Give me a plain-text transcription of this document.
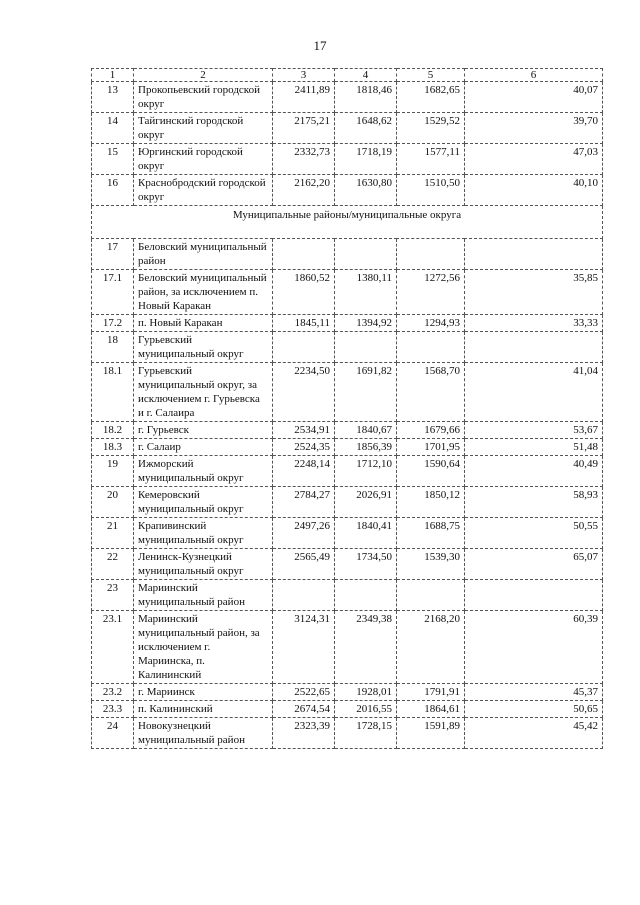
17
1	2	3	4	5	6
13	Прокопьевский городской округ	2411,89	1818,46	1682,65	40,07
14	Тайгинский городской округ	2175,21	1648,62	1529,52	39,70
15	Юргинский городской округ	2332,73	1718,19	1577,11	47,03
16	Краснобродский городской округ	2162,20	1630,80	1510,50	40,10
Муниципальные районы/муниципальные округа					
17	Беловский муниципальный район				
17.1	Беловский муниципальный район, за исключением п. Новый Каракан	1860,52	1380,11	1272,56	35,85
17.2	п. Новый Каракан	1845,11	1394,92	1294,93	33,33
18	Гурьевский муниципальный округ				
18.1	Гурьевский муниципальный округ, за исключением г. Гурьевска и г. Салаира	2234,50	1691,82	1568,70	41,04
18.2	г. Гурьевск	2534,91	1840,67	1679,66	53,67
18.3	г. Салаир	2524,35	1856,39	1701,95	51,48
19	Ижморский муниципальный округ	2248,14	1712,10	1590,64	40,49
20	Кемеровский муниципальный округ	2784,27	2026,91	1850,12	58,93
21	Крапивинский муниципальный округ	2497,26	1840,41	1688,75	50,55
22	Ленинск-Кузнецкий муниципальный округ	2565,49	1734,50	1539,30	65,07
23	Мариинский муниципальный район				
23.1	Мариинский муниципальный район, за исключением г. Мариинска, п. Калининский	3124,31	2349,38	2168,20	60,39
23.2	г. Мариинск	2522,65	1928,01	1791,91	45,37
23.3	п. Калининский	2674,54	2016,55	1864,61	50,65
24	Новокузнецкий муниципальный район	2323,39	1728,15	1591,89	45,42
